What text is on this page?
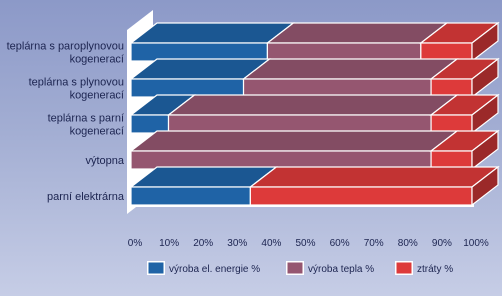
teplárna s paroplynovou
kogenerací
teplárna s plynovou
kogenerací
teplárna s parní
kogenerací
výtopna
parní elektrárna
0% 10% 20% 30% 40% 50% 60% 70% 80% 90% 100%
výroba el. energie %	výroba tepla %	ztráty %
